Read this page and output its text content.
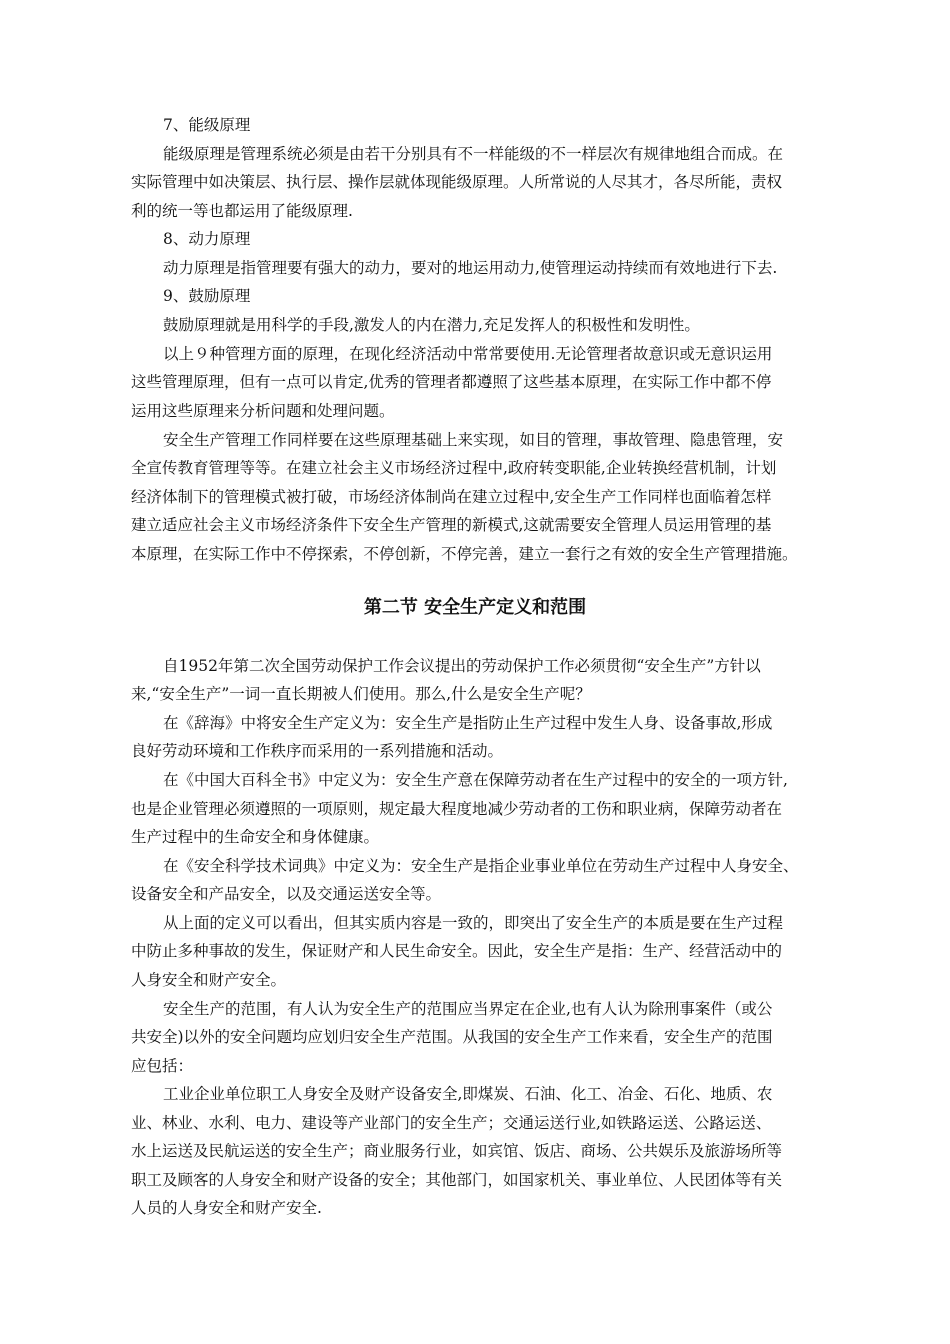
7、能级原理
能级原理是管理系统必须是由若干分别具有不一样能级的不一样层次有规律地组合而成。在
实际管理中如决策层、执行层、操作层就体现能级原理。人所常说的人尽其才，各尽所能，责权
利的统一等也都运用了能级原理.
8、动力原理
动力原理是指管理要有强大的动力，要对的地运用动力,使管理运动持续而有效地进行下去.
9、鼓励原理
鼓励原理就是用科学的手段,激发人的内在潜力,充足发挥人的积极性和发明性。
以上９种管理方面的原理，在现化经济活动中常常要使用.无论管理者故意识或无意识运用
这些管理原理，但有一点可以肯定,优秀的管理者都遵照了这些基本原理，在实际工作中都不停
运用这些原理来分析问题和处理问题。
安全生产管理工作同样要在这些原理基础上来实现，如目的管理，事故管理、隐患管理，安
全宣传教育管理等等。在建立社会主义市场经济过程中,政府转变职能,企业转换经营机制，计划
经济体制下的管理模式被打破，市场经济体制尚在建立过程中,安全生产工作同样也面临着怎样
建立适应社会主义市场经济条件下安全生产管理的新模式,这就需要安全管理人员运用管理的基
本原理，在实际工作中不停探索，不停创新，不停完善，建立一套行之有效的安全生产管理措施。
第二节 安全生产定义和范围
自1952年第二次全国劳动保护工作会议提出的劳动保护工作必须贯彻“安全生产”方针以
来,“安全生产”一词一直长期被人们使用。那么,什么是安全生产呢？
在《辞海》中将安全生产定义为：安全生产是指防止生产过程中发生人身、设备事故,形成
良好劳动环境和工作秩序而采用的一系列措施和活动。
在《中国大百科全书》中定义为：安全生产意在保障劳动者在生产过程中的安全的一项方针,
也是企业管理必须遵照的一项原则，规定最大程度地减少劳动者的工伤和职业病，保障劳动者在
生产过程中的生命安全和身体健康。
在《安全科学技术词典》中定义为：安全生产是指企业事业单位在劳动生产过程中人身安全、
设备安全和产品安全，以及交通运送安全等。
从上面的定义可以看出，但其实质内容是一致的，即突出了安全生产的本质是要在生产过程
中防止多种事故的发生，保证财产和人民生命安全。因此，安全生产是指：生产、经营活动中的
人身安全和财产安全。
安全生产的范围，有人认为安全生产的范围应当界定在企业,也有人认为除刑事案件（或公
共安全)以外的安全问题均应划归安全生产范围。从我国的安全生产工作来看，安全生产的范围
应包括：
工业企业单位职工人身安全及财产设备安全,即煤炭、石油、化工、冶金、石化、地质、农
业、林业、水利、电力、建设等产业部门的安全生产；交通运送行业,如铁路运送、公路运送、
水上运送及民航运送的安全生产；商业服务行业，如宾馆、饭店、商场、公共娱乐及旅游场所等
职工及顾客的人身安全和财产设备的安全；其他部门，如国家机关、事业单位、人民团体等有关
人员的人身安全和财产安全.
